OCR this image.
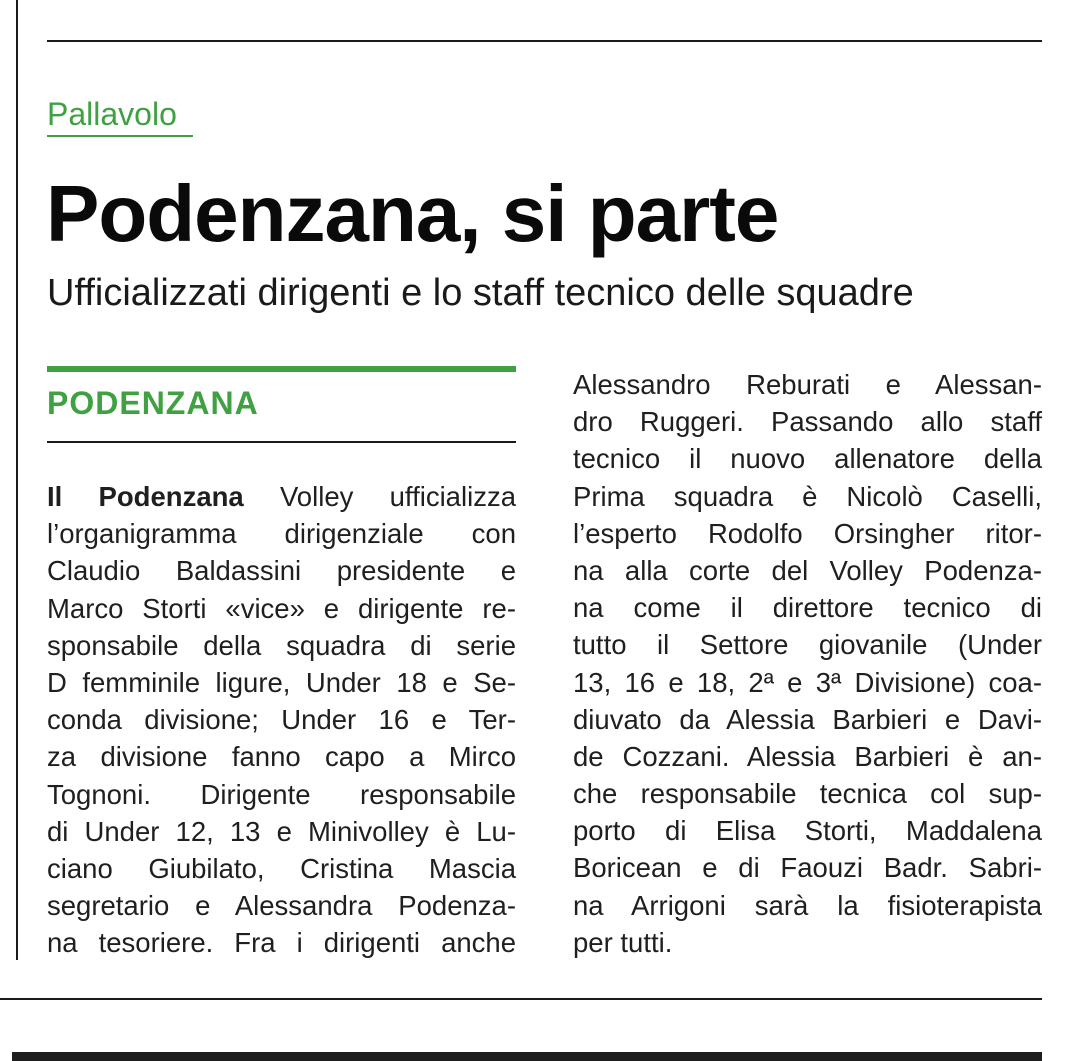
Pallavolo
Podenzana, si parte
Ufficializzati dirigenti e lo staff tecnico delle squadre
PODENZANA
Il Podenzana Volley ufficializza
l’organigramma dirigenziale con
Claudio Baldassini presidente e
Marco Storti «vice» e dirigente re-
sponsabile della squadra di serie
D femminile ligure, Under 18 e Se-
conda divisione; Under 16 e Ter-
za divisione fanno capo a Mirco
Tognoni. Dirigente responsabile
di Under 12, 13 e Minivolley è Lu-
ciano Giubilato, Cristina Mascia
segretario e Alessandra Podenza-
na tesoriere. Fra i dirigenti anche
Alessandro Reburati e Alessan-
dro Ruggeri. Passando allo staff
tecnico il nuovo allenatore della
Prima squadra è Nicolò Caselli,
l’esperto Rodolfo Orsingher ritor-
na alla corte del Volley Podenza-
na come il direttore tecnico di
tutto il Settore giovanile (Under
13, 16 e 18, 2ª e 3ª Divisione) coa-
diuvato da Alessia Barbieri e Davi-
de Cozzani. Alessia Barbieri è an-
che responsabile tecnica col sup-
porto di Elisa Storti, Maddalena
Boricean e di Faouzi Badr. Sabri-
na Arrigoni sarà la fisioterapista
per tutti.
